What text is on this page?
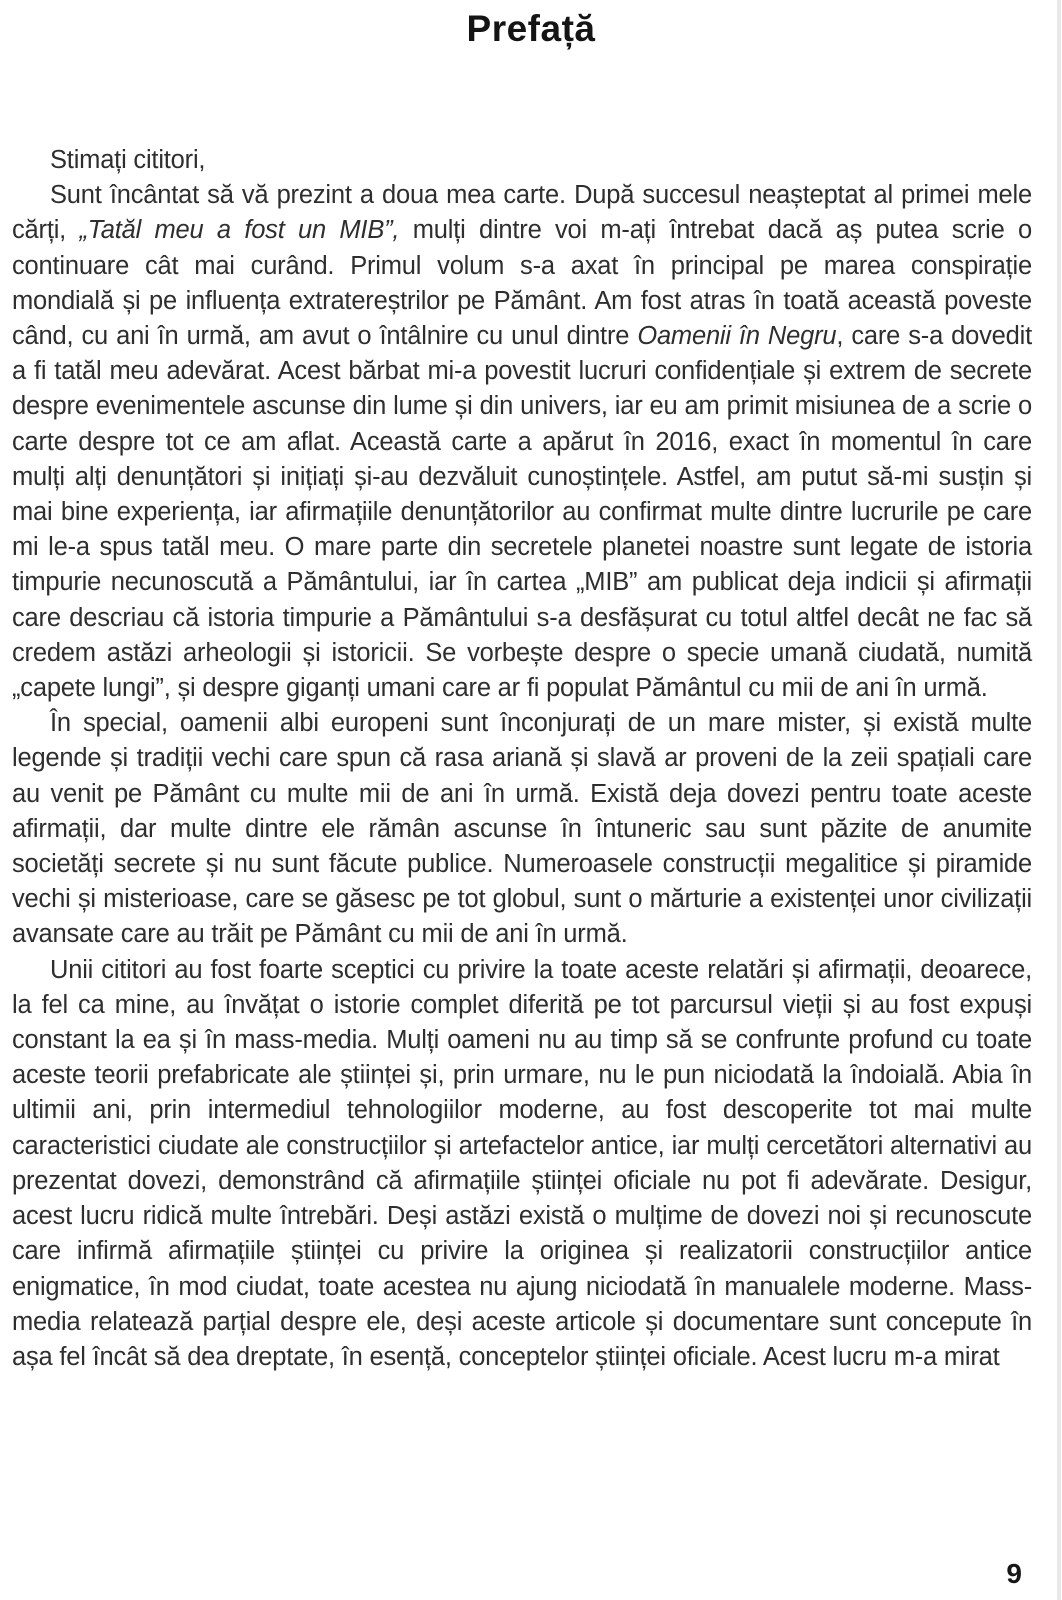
Prefață

Stimați cititori,

Sunt încântat să vă prezint a doua mea carte. După succesul neașteptat al primei mele cărți, „Tatăl meu a fost un MIB”, mulți dintre voi m-ați întrebat dacă aș putea scrie o continuare cât mai curând. Primul volum s-a axat în principal pe marea conspirație mondială și pe influența extratereștrilor pe Pământ. Am fost atras în toată această poveste când, cu ani în urmă, am avut o întâlnire cu unul dintre Oamenii în Negru, care s-a dovedit a fi tatăl meu adevărat. Acest bărbat mi-a povestit lucruri confidențiale și extrem de secrete despre evenimentele ascunse din lume și din univers, iar eu am primit misiunea de a scrie o carte despre tot ce am aflat. Această carte a apărut în 2016, exact în momentul în care mulți alți denunțători și inițiați și-au dezvăluit cunoștințele. Astfel, am putut să-mi susțin și mai bine experiența, iar afirmațiile denunțătorilor au confirmat multe dintre lucrurile pe care mi le-a spus tatăl meu. O mare parte din secretele planetei noastre sunt legate de istoria timpurie necunoscută a Pământului, iar în cartea „MIB” am publicat deja indicii și afirmații care descriau că istoria timpurie a Pământului s-a desfășurat cu totul altfel decât ne fac să credem astăzi arheologii și istoricii. Se vorbește despre o specie umană ciudată, numită „capete lungi”, și despre giganți umani care ar fi populat Pământul cu mii de ani în urmă.

În special, oamenii albi europeni sunt înconjurați de un mare mister, și există multe legende și tradiții vechi care spun că rasa ariană și slavă ar proveni de la zeii spațiali care au venit pe Pământ cu multe mii de ani în urmă. Există deja dovezi pentru toate aceste afirmații, dar multe dintre ele rămân ascunse în întuneric sau sunt păzite de anumite societăți secrete și nu sunt făcute publice. Numeroasele construcții megalitice și piramide vechi și misterioase, care se găsesc pe tot globul, sunt o mărturie a existenței unor civilizații avansate care au trăit pe Pământ cu mii de ani în urmă.

Unii cititori au fost foarte sceptici cu privire la toate aceste relatări și afirmații, deoarece, la fel ca mine, au învățat o istorie complet diferită pe tot parcursul vieții și au fost expuși constant la ea și în mass-media. Mulți oameni nu au timp să se confrunte profund cu toate aceste teorii prefabricate ale științei și, prin urmare, nu le pun niciodată la îndoială. Abia în ultimii ani, prin intermediul tehnologiilor moderne, au fost descoperite tot mai multe caracteristici ciudate ale construcțiilor și artefactelor antice, iar mulți cercetători alternativi au prezentat dovezi, demonstrând că afirmațiile științei oficiale nu pot fi adevărate. Desigur, acest lucru ridică multe întrebări. Deși astăzi există o mulțime de dovezi noi și recunoscute care infirmă afirmațiile științei cu privire la originea și realizatorii construcțiilor antice enigmatice, în mod ciudat, toate acestea nu ajung niciodată în manualele moderne. Mass-media relatează parțial despre ele, deși aceste articole și documentare sunt concepute în așa fel încât să dea dreptate, în esență, conceptelor științei oficiale. Acest lucru m-a mirat

9
